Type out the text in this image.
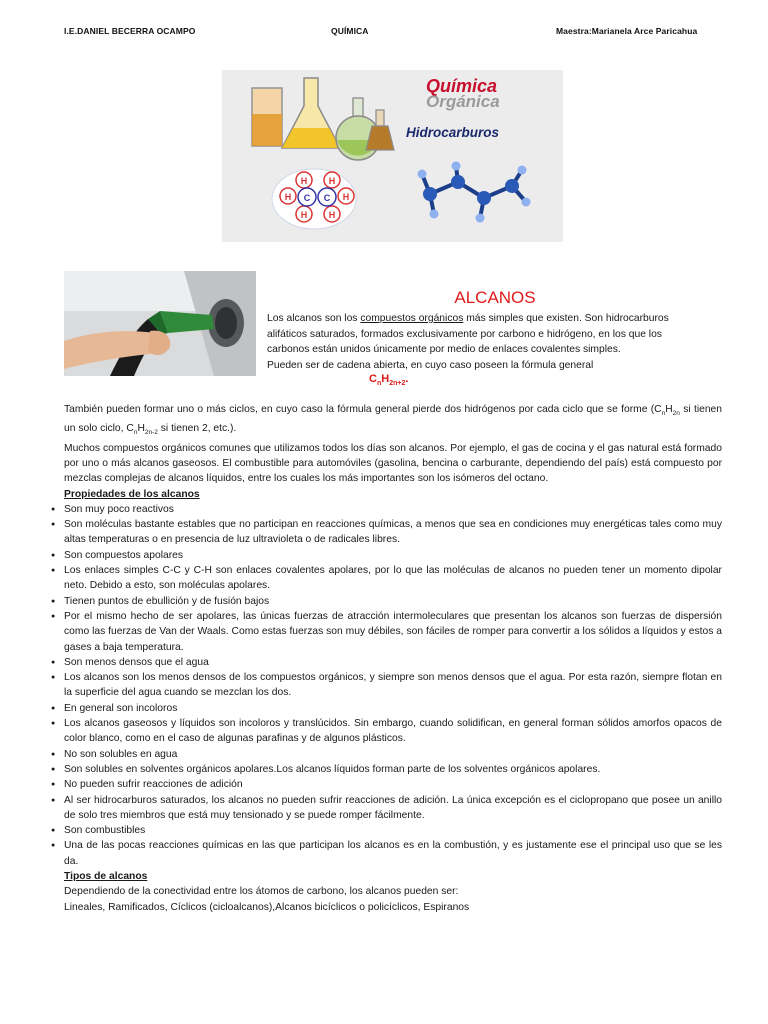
I.E.DANIEL BECERRA OCAMPO	QUÍMICA	Maestra:Marianela Arce Paricahua
H
H H
H
H H
C C
Química
Orgánica
Hidrocarburos
ALCANOS
Los alcanos son los compuestos orgánicos más simples que existen. Son hidrocarburos alifáticos saturados, formados exclusivamente por carbono e hidrógeno, en los que los carbonos están unidos únicamente por medio de enlaces covalentes simples.
Pueden ser de cadena abierta, en cuyo caso poseen la fórmula general
$C_nH_{2n+2}$.

También pueden formar uno o más ciclos, en cuyo caso la fórmula general pierde dos hidrógenos por cada ciclo que se forme ($C_nH_{2n}$ si tienen un solo ciclo, $C_nH_{2n-2}$ si tienen 2, etc.).

Muchos compuestos orgánicos comunes que utilizamos todos los días son alcanos. Por ejemplo, el gas de cocina y el gas natural está formado por uno o más alcanos gaseosos. El combustible para automóviles (gasolina, bencina o carburante, dependiendo del país) está compuesto por mezclas complejas de alcanos líquidos, entre los cuales los más importantes son los isómeros del octano.

Propiedades de los alcanos
● Son muy poco reactivos
● Son moléculas bastante estables que no participan en reacciones químicas, a menos que sea en condiciones muy energéticas tales como muy altas temperaturas o en presencia de luz ultravioleta o de radicales libres.
● Son compuestos apolares
● Los enlaces simples C-C y C-H son enlaces covalentes apolares, por lo que las moléculas de alcanos no pueden tener un momento dipolar neto. Debido a esto, son moléculas apolares.
● Tienen puntos de ebullición y de fusión bajos
● Por el mismo hecho de ser apolares, las únicas fuerzas de atracción intermoleculares que presentan los alcanos son fuerzas de dispersión como las fuerzas de Van der Waals. Como estas fuerzas son muy débiles, son fáciles de romper para convertir a los sólidos a líquidos y estos a gases a baja temperatura.
● Son menos densos que el agua
● Los alcanos son los menos densos de los compuestos orgánicos, y siempre son menos densos que el agua. Por esta razón, siempre flotan en la superficie del agua cuando se mezclan los dos.
● En general son incoloros
● Los alcanos gaseosos y líquidos son incoloros y translúcidos. Sin embargo, cuando solidifican, en general forman sólidos amorfos opacos de color blanco, como en el caso de algunas parafinas y de algunos plásticos.
● No son solubles en agua
● Son solubles en solventes orgánicos apolares.Los alcanos líquidos forman parte de los solventes orgánicos apolares.
● No pueden sufrir reacciones de adición
● Al ser hidrocarburos saturados, los alcanos no pueden sufrir reacciones de adición. La única excepción es el ciclopropano que posee un anillo de solo tres miembros que está muy tensionado y se puede romper fácilmente.
● Son combustibles
● Una de las pocas reacciones químicas en las que participan los alcanos es en la combustión, y es justamente ese el principal uso que se les da.
Tipos de alcanos

Dependiendo de la conectividad entre los átomos de carbono, los alcanos pueden ser:

Lineales, Ramificados, Cíclicos (cicloalcanos),Alcanos bicíclicos o policíclicos, Espiranos
